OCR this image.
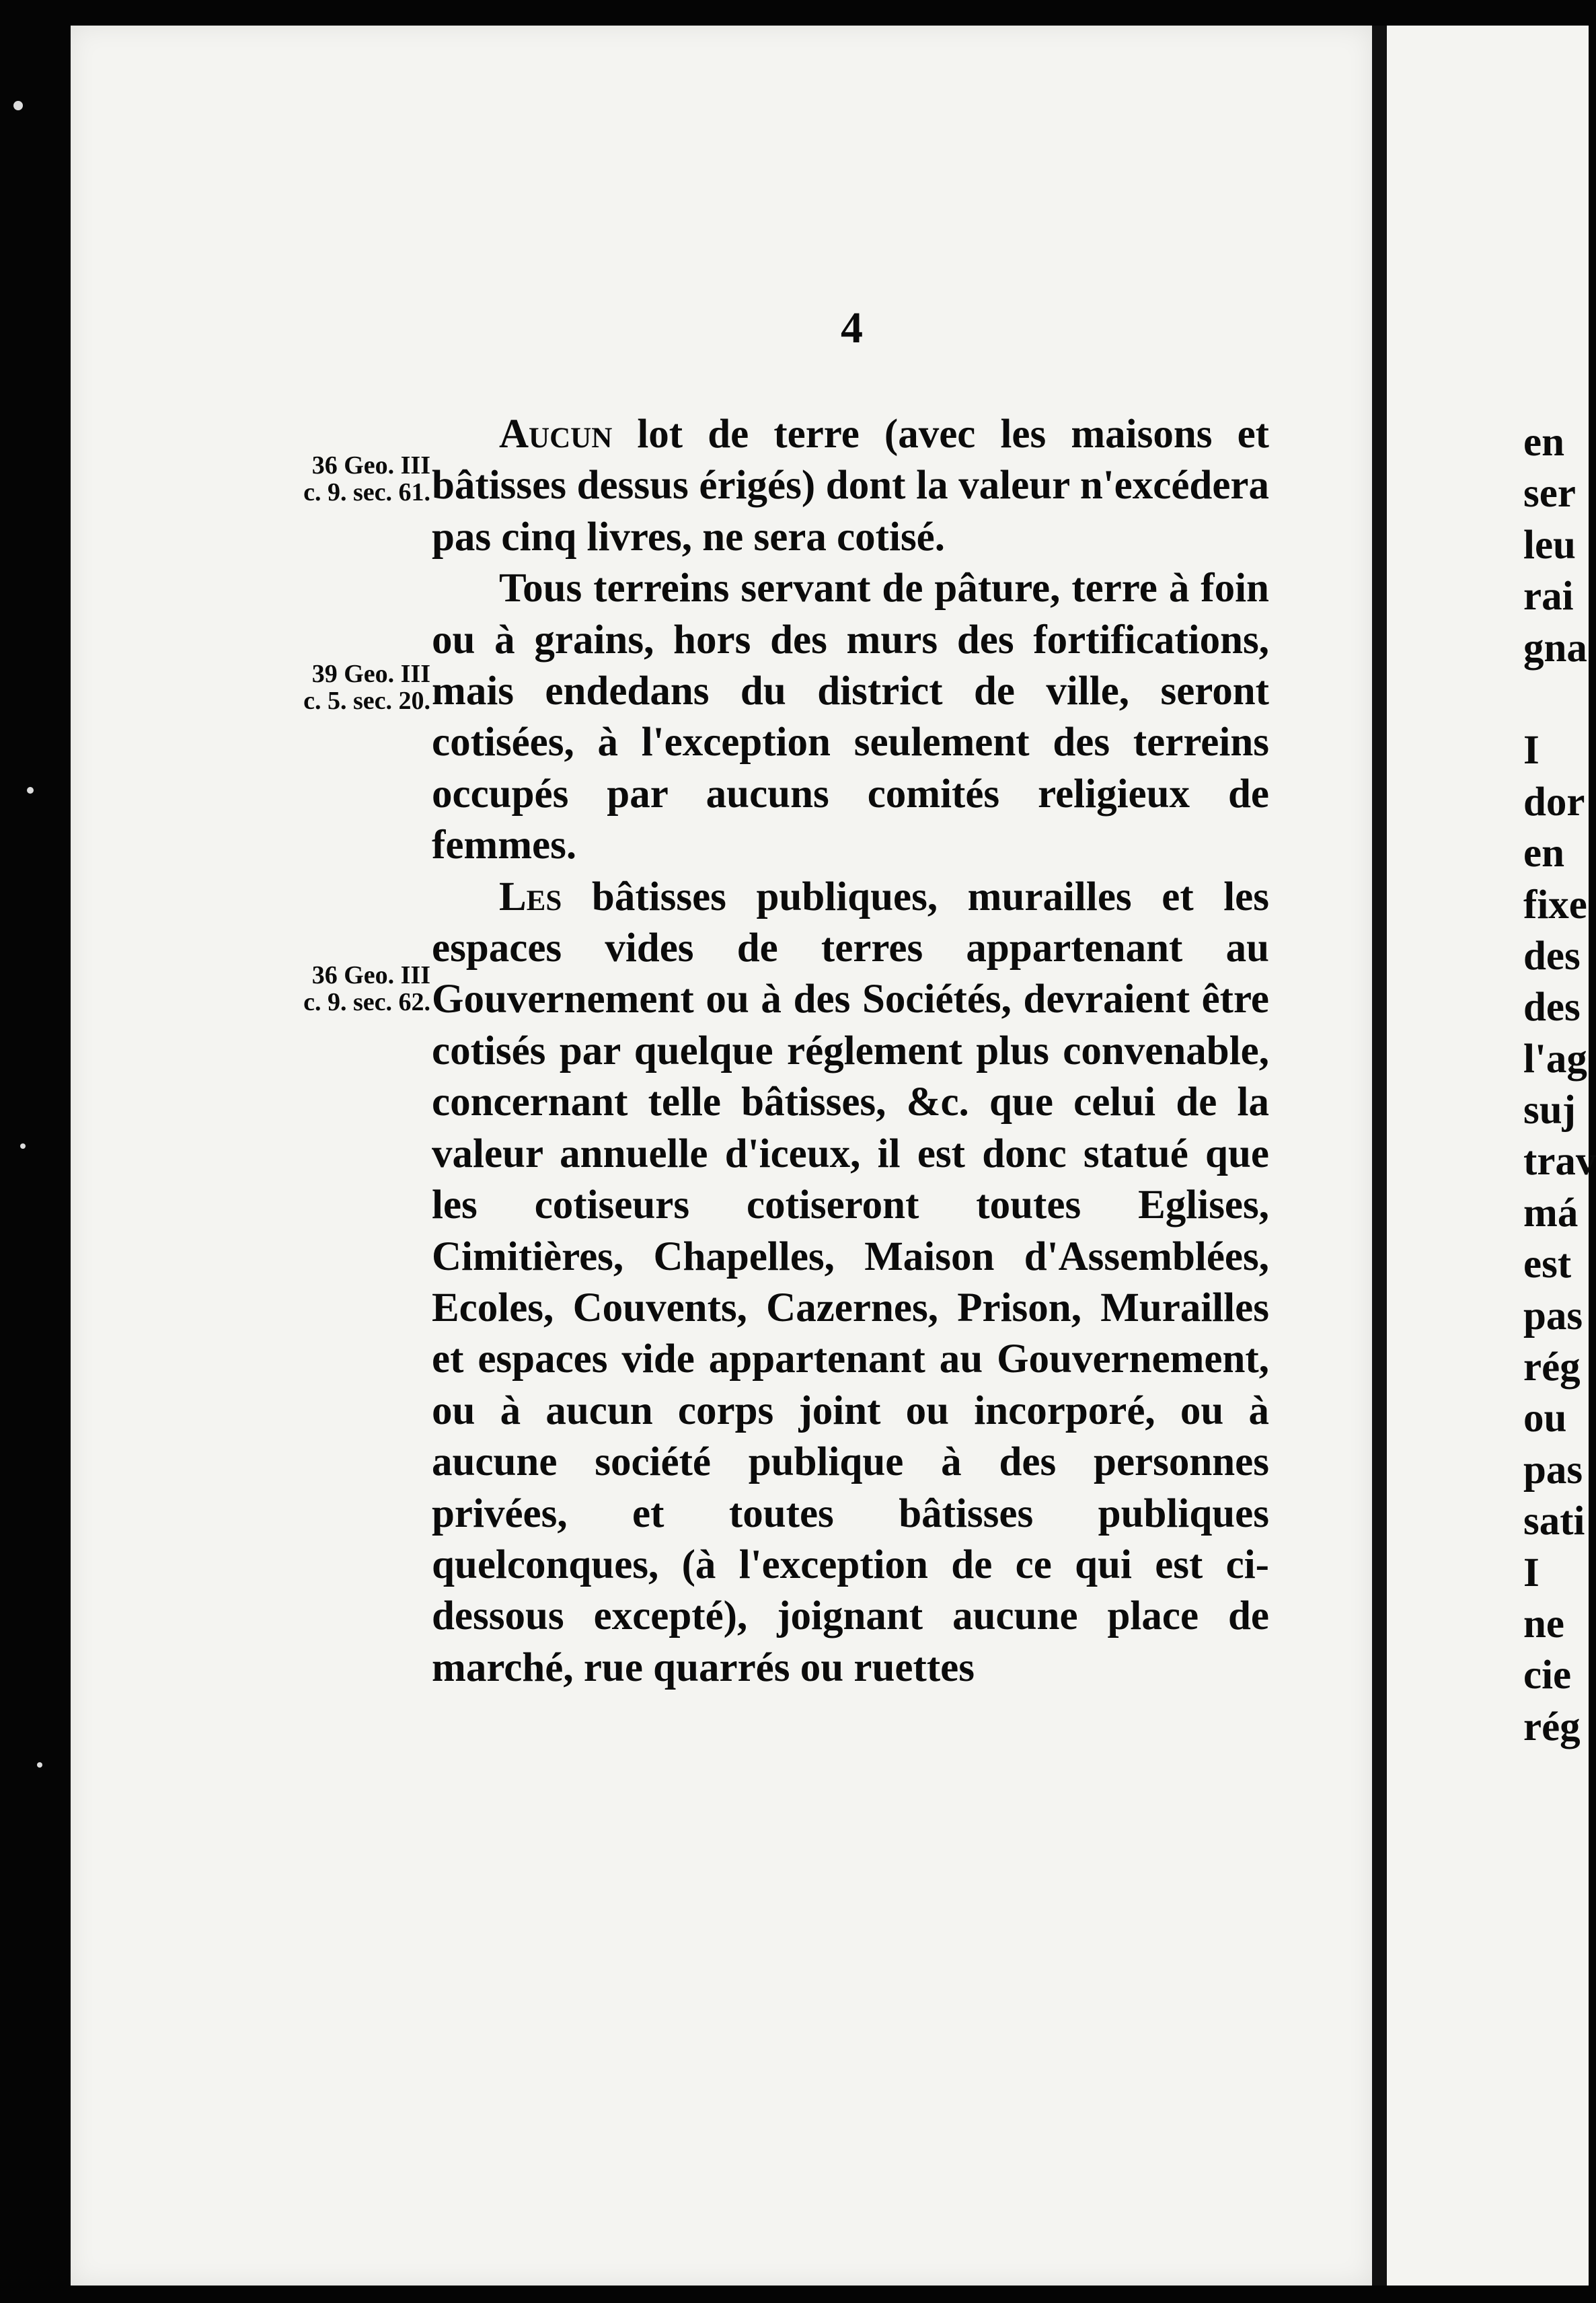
4
36 Geo. III
c. 9. sec. 61.
39 Geo. III
c. 5. sec. 20.
36 Geo. III
c. 9. sec. 62.

Aucun lot de terre (avec les maisons et bâtisses dessus érigés) dont la valeur n'excédera pas cinq livres, ne sera cotisé.

Tous terreins servant de pâture, terre à foin ou à grains, hors des murs des fortifications, mais endedans du district de ville, seront cotisées, à l'exception seulement des terreins occupés par aucuns comités religieux de femmes.

Les bâtisses publiques, murailles et les espaces vides de terres appartenant au Gouvernement ou à des Sociétés, devraient être cotisés par quelque réglement plus convenable, concernant telle bâtisses, &c. que celui de la valeur annuelle d'iceux, il est donc statué que les cotiseurs cotiseront toutes Eglises, Cimitières, Chapelles, Maison d'Assemblées, Ecoles, Couvents, Cazernes, Prison, Murailles et espaces vide appartenant au Gouvernement, ou à aucun corps joint ou incorporé, ou à aucune société publique à des personnes privées, et toutes bâtisses publiques quelconques, (à l'exception de ce qui est ci-dessous excepté), joignant aucune place de marché, rue quarrés ou ruettes

en
ser
leu
rai
gna
I
dor
en
fixe
des
des
l'ag
suj
trav
má
est
pas
rég
ou
pas
sati
I
ne
cie
rég
